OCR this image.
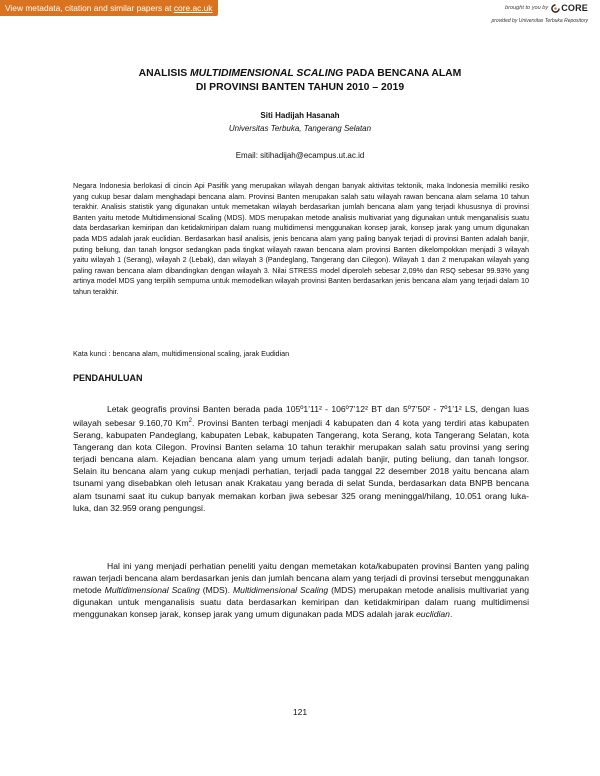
View metadata, citation and similar papers at core.ac.uk	brought to you by CORE
provided by Universitas Terbuka Repository
ANALISIS MULTIDIMENSIONAL SCALING PADA BENCANA ALAM
DI PROVINSI BANTEN TAHUN 2010 – 2019
Siti Hadijah Hasanah
Universitas Terbuka, Tangerang Selatan
Email: sitihadijah@ecampus.ut.ac.id

Negara Indonesia berlokasi di cincin Api Pasifik yang merupakan wilayah dengan banyak aktivitas tektonik, maka Indonesia memiliki resiko yang cukup besar dalam menghadapi bencana alam. Provinsi Banten merupakan salah satu wilayah rawan bencana alam selama 10 tahun terakhir. Analisis statistik yang digunakan untuk memetakan wilayah berdasarkan jumlah bencana alam yang terjadi khususnya di provinsi Banten yaitu metode Multidimensional Scaling (MDS). MDS merupakan metode analisis multivariat yang digunakan untuk menganalisis suatu data berdasarkan kemiripan dan ketidakmiripan dalam ruang multidimensi menggunakan konsep jarak, konsep jarak yang umum digunakan pada MDS adalah jarak euclidian. Berdasarkan hasil analisis, jenis bencana alam yang paling banyak terjadi di provinsi Banten adalah banjir, puting beliung, dan tanah longsor sedangkan pada tingkat wilayah rawan bencana alam provinsi Banten dikelompokkan menjadi 3 wilayah yaitu wilayah 1 (Serang), wilayah 2 (Lebak), dan wilayah 3 (Pandeglang, Tangerang dan Cilegon). Wilayah 1 dan 2 merupakan wilayah yang paling rawan bencana alam dibandingkan dengan wilayah 3. Nilai STRESS model diperoleh sebesar 2,09% dan RSQ sebesar 99.93% yang artinya model MDS yang terpilih sempurna untuk memodelkan wilayah provinsi Banten berdasarkan jenis bencana alam yang terjadi dalam 10 tahun terakhir.

Kata kunci : bencana alam, multidimensional scaling, jarak Eudidian

PENDAHULUAN

Letak geografis provinsi Banten berada pada 105º1’11² - 106º7’12² BT dan 5º7’50² - 7º1’1² LS, dengan luas wilayah sebesar 9.160,70 Km$^2$. Provinsi Banten terbagi menjadi 4 kabupaten dan 4 kota yang terdiri atas kabupaten Serang, kabupaten Pandeglang, kabupaten Lebak, kabupaten Tangerang, kota Serang, kota Tangerang Selatan, kota Tangerang dan kota Cilegon. Provinsi Banten selama 10 tahun terakhir merupakan salah satu provinsi yang sering terjadi bencana alam. Kejadian bencana alam yang umum terjadi adalah banjir, puting beliung, dan tanah longsor. Selain itu bencana alam yang cukup menjadi perhatian, terjadi pada tanggal 22 desember 2018 yaitu bencana alam tsunami yang disebabkan oleh letusan anak Krakatau yang berada di selat Sunda, berdasarkan data BNPB bencana alam tsunami saat itu cukup banyak memakan korban jiwa sebesar 325 orang meninggal/hilang, 10.051 orang luka-luka, dan 32.959 orang pengungsi.

Hal ini yang menjadi perhatian peneliti yaitu dengan memetakan kota/kabupaten provinsi Banten yang paling rawan terjadi bencana alam berdasarkan jenis dan jumlah bencana alam yang terjadi di provinsi tersebut menggunakan metode Multidimensional Scaling (MDS). Multidimensional Scaling (MDS) merupakan metode analisis multivariat yang digunakan untuk menganalisis suatu data berdasarkan kemiripan dan ketidakmiripan dalam ruang multidimensi menggunakan konsep jarak, konsep jarak yang umum digunakan pada MDS adalah jarak euclidian.

121
